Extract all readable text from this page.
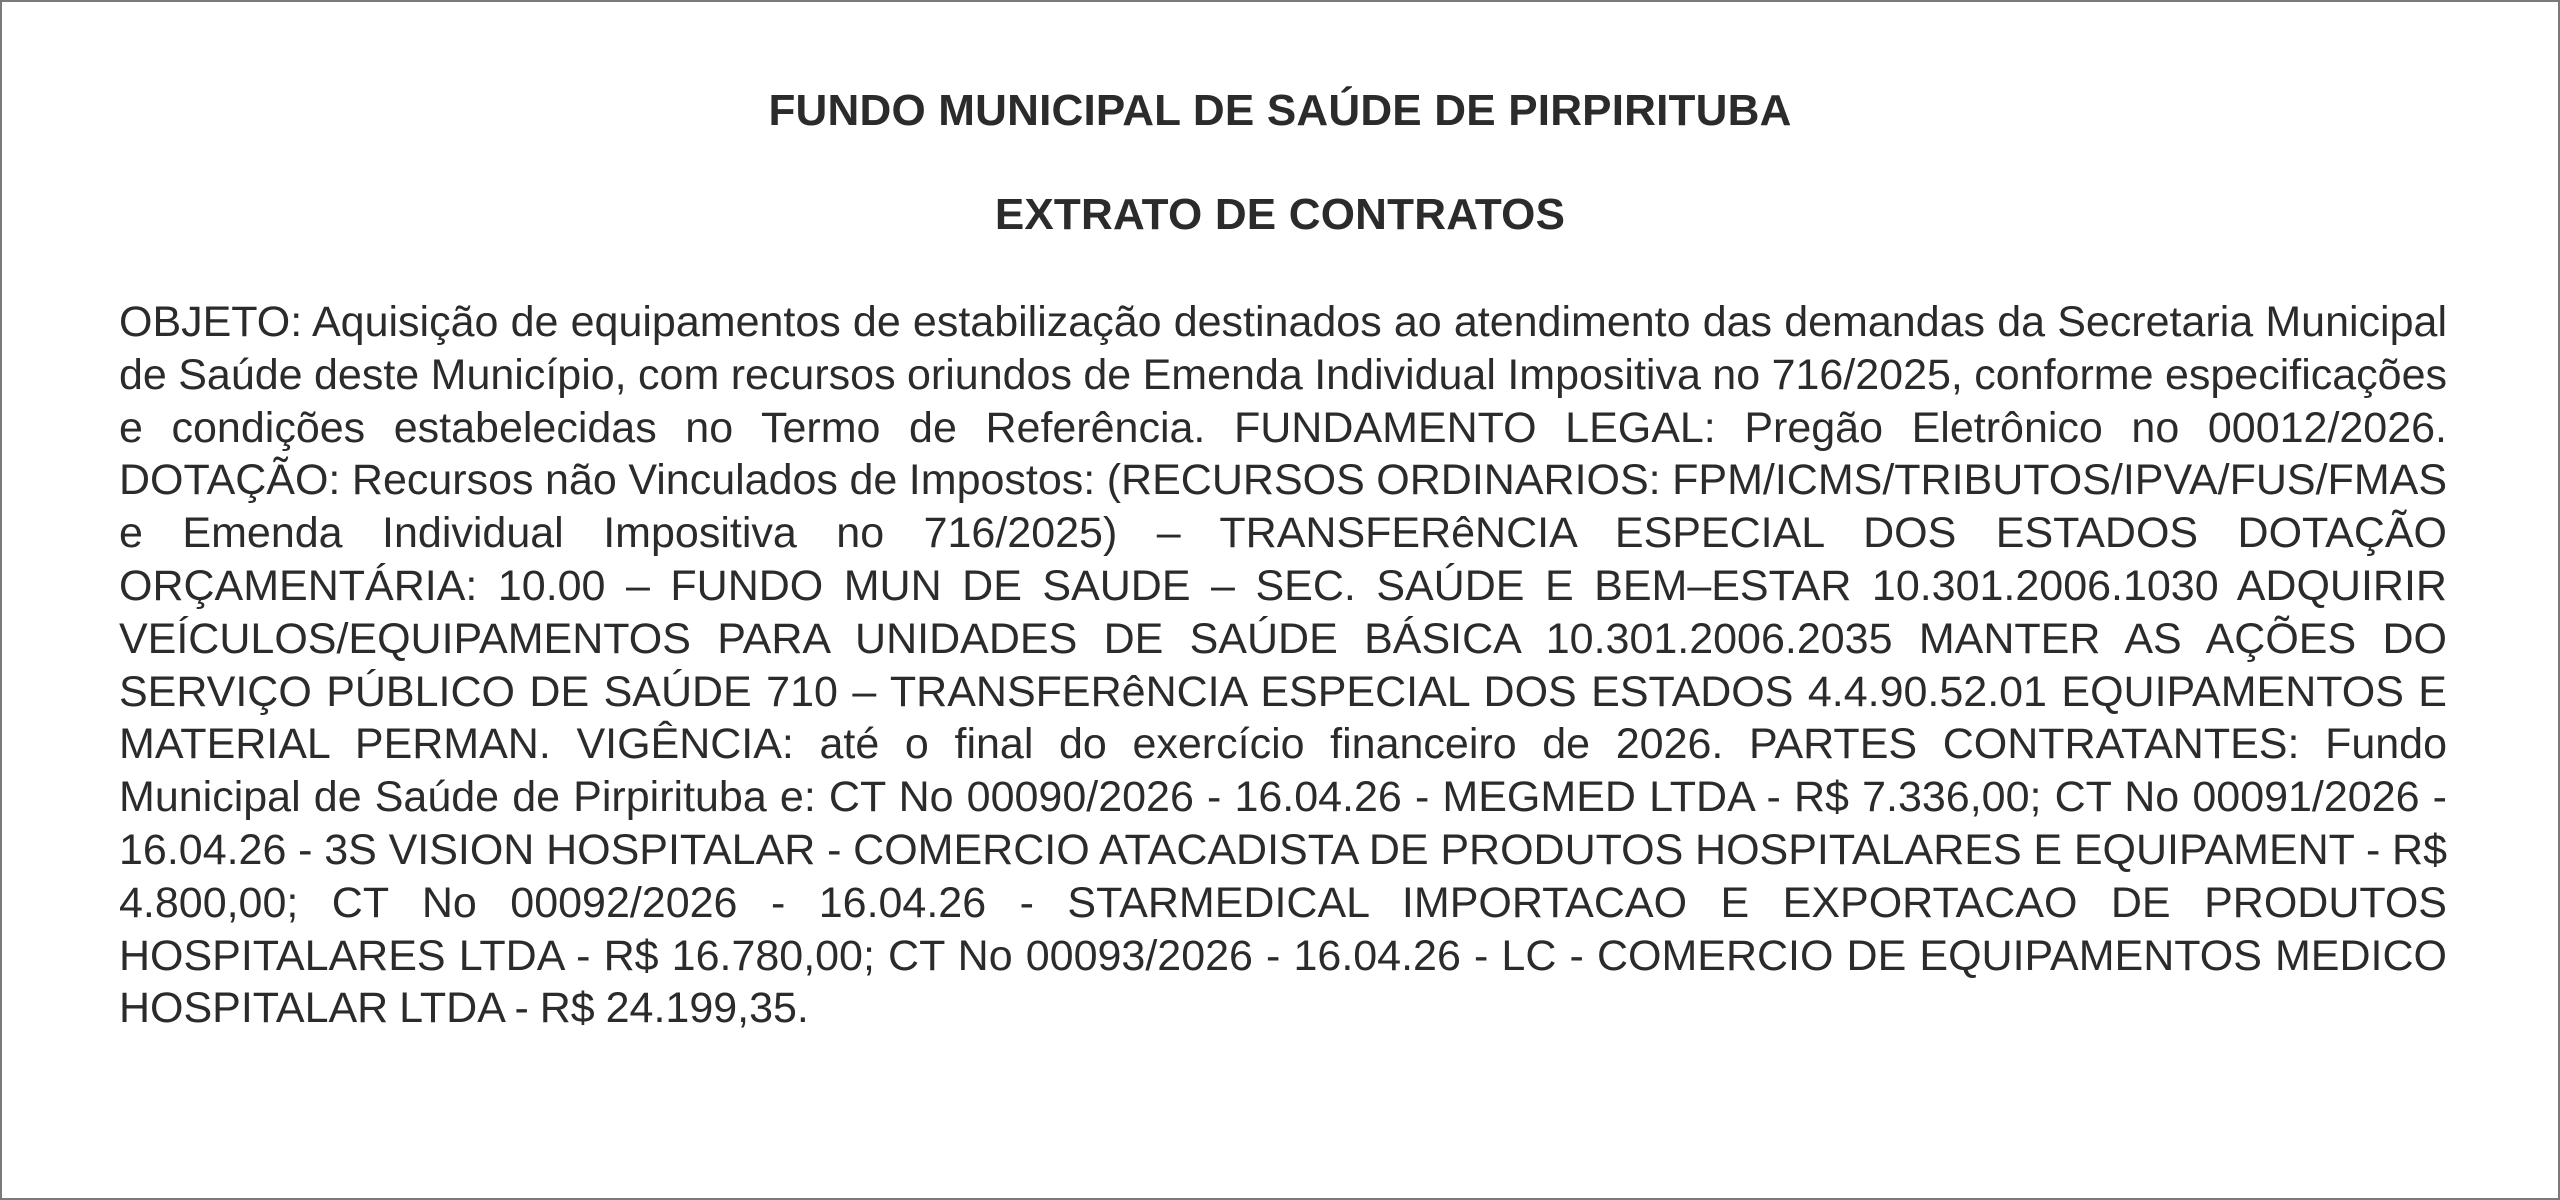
FUNDO MUNICIPAL DE SAÚDE DE PIRPIRITUBA
EXTRATO DE CONTRATOS

OBJETO: Aquisição de equipamentos de estabilização destinados ao atendimento das demandas da Secretaria Municipal de Saúde deste Município, com recursos oriundos de Emenda Individual Impositiva no 716/2025, conforme especificações e condições estabelecidas no Termo de Referência. FUNDAMENTO LEGAL: Pregão Eletrônico no 00012/2026. DOTAÇÃO: Recursos não Vinculados de Impostos: (RECURSOS ORDINARIOS: FPM/ICMS/TRIBUTOS/IPVA/FUS/FMAS e Emenda Individual Impositiva no 716/2025) – TRANSFERêNCIA ESPECIAL DOS ESTADOS DOTAÇÃO ORÇAMENTÁRIA: 10.00 – FUNDO MUN DE SAUDE – SEC. SAÚDE E BEM–ESTAR 10.301.2006.1030 ADQUIRIR VEÍCULOS/EQUIPAMENTOS PARA UNIDADES DE SAÚDE BÁSICA 10.301.2006.2035 MANTER AS AÇÕES DO SERVIÇO PÚBLICO DE SAÚDE 710 – TRANSFERêNCIA ESPECIAL DOS ESTADOS 4.4.90.52.01 EQUIPAMENTOS E MATERIAL PERMAN. VIGÊNCIA: até o final do exercício financeiro de 2026. PARTES CONTRATANTES: Fundo Municipal de Saúde de Pirpirituba e: CT No 00090/2026 - 16.04.26 - MEGMED LTDA - R$ 7.336,00; CT No 00091/2026 - 16.04.26 - 3S VISION HOSPITALAR - COMERCIO ATACADISTA DE PRODUTOS HOSPITALARES E EQUIPAMENT - R$ 4.800,00; CT No 00092/2026 - 16.04.26 - STARMEDICAL IMPORTACAO E EXPORTACAO DE PRODUTOS HOSPITALARES LTDA - R$ 16.780,00; CT No 00093/2026 - 16.04.26 - LC - COMERCIO DE EQUIPAMENTOS MEDICO HOSPITALAR LTDA - R$ 24.199,35.
